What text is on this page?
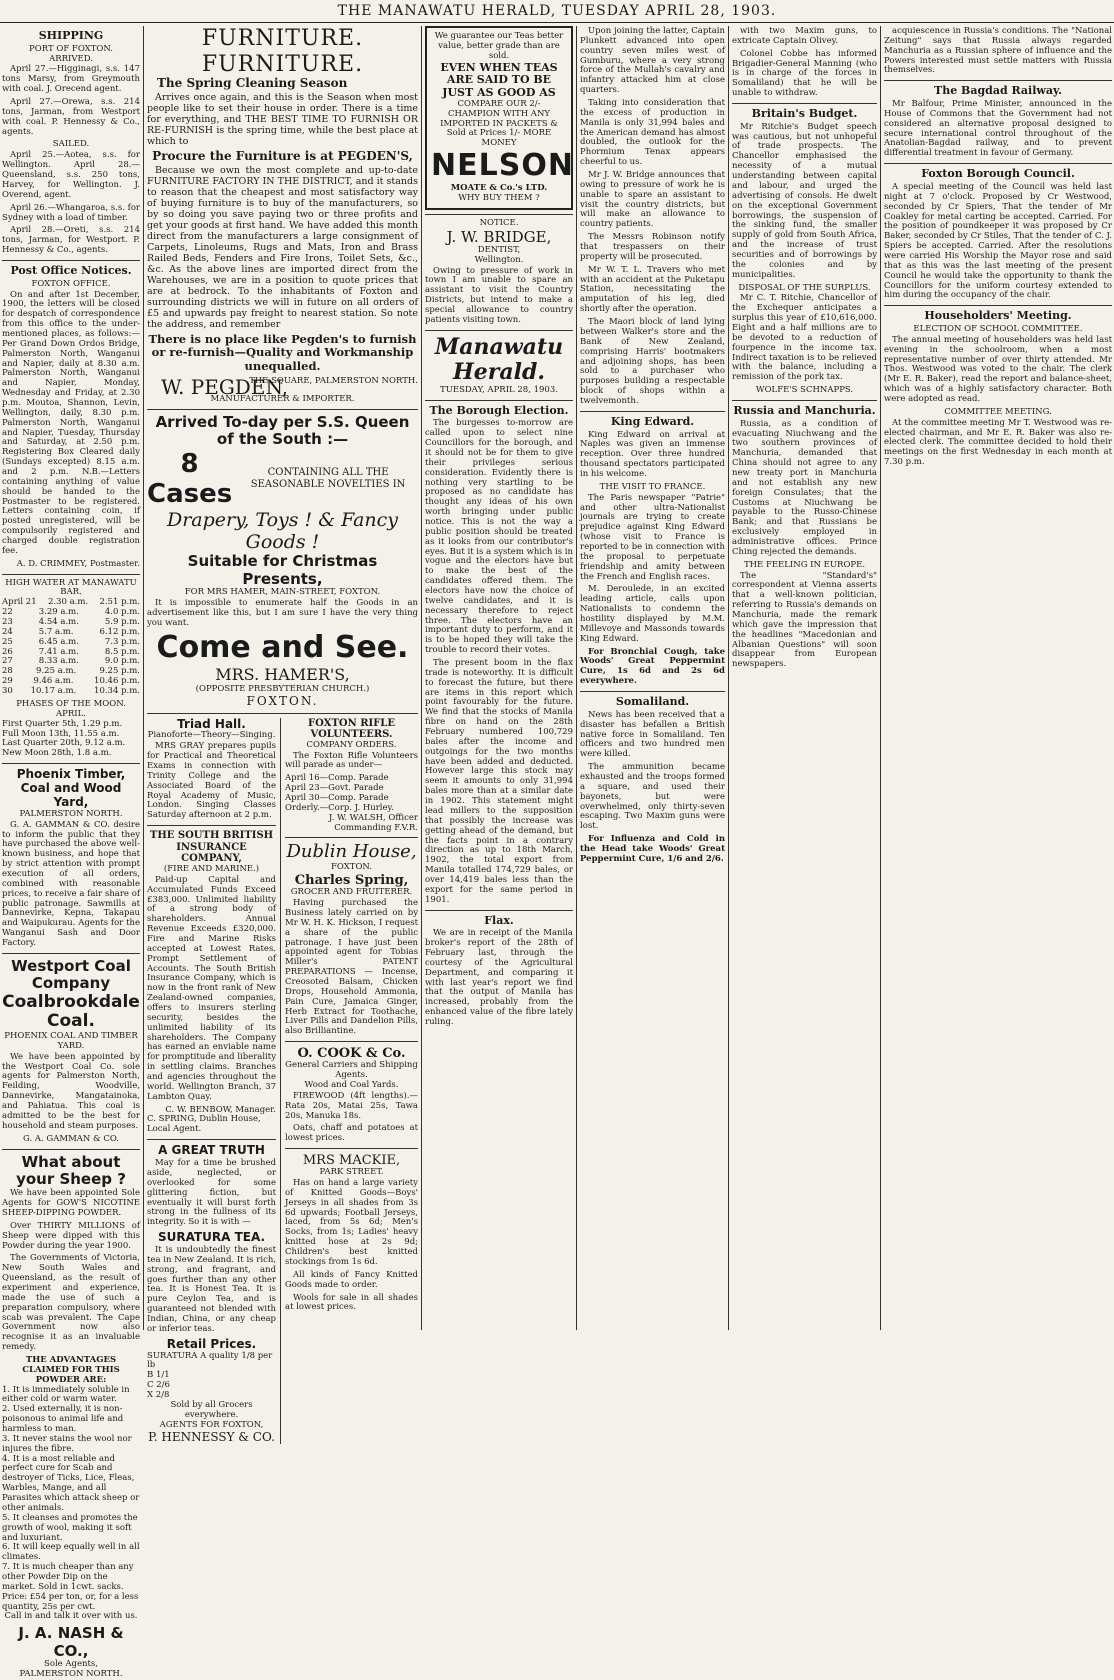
THE MANAWATU HERALD, TUESDAY APRIL 28, 1903.
SHIPPING
PORT OF FOXTON.
ARRIVED.

April 27.—Higginagi, s.s. 147 tons Marsy, from Greymouth with coal. J. Orecend agent.

April 27.—Orewa, s.s. 214 tons, Jarman, from Westport with coal. P. Hennessy & Co., agents.

SAILED.

April 25.—Aotea, s.s. for Wellington. April 28.—Queensland, s.s. 250 tons, Harvey, for Wellington. J. Overend, agent.

April 26.—Whangaroa, s.s. for Sydney with a load of timber.

April 28.—Oreti, s.s. 214 tons, Jarman, for Westport. P. Hennessy & Co., agents.

Post Office Notices.
FOXTON OFFICE.

On and after 1st December, 1900, the letters will be closed for despatch of correspondence from this office to the under-mentioned places, as follows:— Per Grand Down Ordos Bridge, Palmerston North, Wanganui and Napier, daily at 8.30 a.m. Palmerston North, Wanganui and Napier, Monday, Wednesday and Friday, at 2.30 p.m. Moutoa, Shannon, Levin, Wellington, daily, 8.30 p.m. Palmerston North, Wanganui and Napier, Tuesday, Thursday and Saturday, at 2.50 p.m. Registering Box Cleared daily (Sundays excepted) 8.15 a.m. and 2 p.m. N.B.—Letters containing anything of value should be handed to the Postmaster to be registered. Letters containing coin, if posted unregistered, will be compulsorily registered and charged double registration fee.

A. D. CRIMMEY, Postmaster.
HIGH WATER AT MANAWATU BAR.
April 21 2.30 a.m. 2.51 p.m.
22	3.29 a.m.	4.0 p.m.
23	4.54 a.m.	5.9 p.m.
24	5.7 a.m.	6.12 p.m.
25	6.45 a.m.	7.3 p.m.
26	7.41 a.m.	8.5 p.m.
27	8.33 a.m.	9.0 p.m.
28	9.25 a.m.	9.25 p.m.
29 9.46 a.m. 10.46 p.m.
30 10.17 a.m. 10.34 p.m.
PHASES OF THE MOON.
APRIL.
First Quarter 5th, 1.29 p.m.
Full Moon 13th, 11.55 a.m.
Last Quarter 20th, 9.12 a.m.
New Moon 28th, 1.8 a.m.
Phoenix Timber, Coal and Wood Yard,
PALMERSTON NORTH.

G. A. GAMMAN & CO. desire to inform the public that they have purchased the above well-known business, and hope that by strict attention with prompt execution of all orders, combined with reasonable prices, to receive a fair share of public patronage. Sawmills at Dannevirke, Kepna, Takapau and Waipukurau. Agents for the Wanganui Sash and Door Factory.

Westport Coal Company
Coalbrookdale Coal.
PHOENIX COAL AND TIMBER YARD.

We have been appointed by the Westport Coal Co. sole agents for Palmerston North, Feilding, Woodville, Dannevirke, Mangatainoka, and Pahiatua. This coal is admitted to be the best for household and steam purposes.

G. A. GAMMAN & CO.
What about your Sheep ?

We have been appointed Sole Agents for GOW'S NICOTINE SHEEP-DIPPING POWDER.

Over THIRTY MILLIONS of Sheep were dipped with this Powder during the year 1900.

The Governments of Victoria, New South Wales and Queensland, as the result of experiment and experience, made the use of such a preparation compulsory, where scab was prevalent. The Cape Government now also recognise it as an invaluable remedy.

THE ADVANTAGES CLAIMED FOR THIS POWDER ARE:
1. It is immediately soluble in either cold or warm water.
2. Used externally, it is non-poisonous to animal life and harmless to man.
3. It never stains the wool nor injures the fibre.
4. It is a most reliable and perfect cure for Scab and destroyer of Ticks, Lice, Fleas, Warbles, Mange, and all Parasites which attack sheep or other animals.
5. It cleanses and promotes the growth of wool, making it soft and luxuriant.
6. It will keep equally well in all climates.
7. It is much cheaper than any other Powder Dip on the market. Sold in 1cwt. sacks. Price: £54 per ton, or, for a less quantity, 25s per cwt.
Call in and talk it over with us.
J. A. NASH & CO.,
Sole Agents,
PALMERSTON NORTH.
FURNITURE. FURNITURE.
The Spring Cleaning Season

Arrives once again, and this is the Season when most people like to set their house in order. There is a time for everything, and THE BEST TIME TO FURNISH OR RE-FURNISH is the spring time, while the best place at which to

Procure the Furniture is at PEGDEN'S,

Because we own the most complete and up-to-date FURNITURE FACTORY IN THE DISTRICT, and it stands to reason that the cheapest and most satisfactory way of buying furniture is to buy of the manufacturers, so by so doing you save paying two or three profits and get your goods at first hand. We have added this month direct from the manufacturers a large consignment of Carpets, Linoleums, Rugs and Mats, Iron and Brass Railed Beds, Fenders and Fire Irons, Toilet Sets, &c., &c. As the above lines are imported direct from the Warehouses, we are in a position to quote prices that are at bedrock. To the inhabitants of Foxton and surrounding districts we will in future on all orders of £5 and upwards pay freight to nearest station. So note the address, and remember

There is no place like Pegden's to furnish or re-furnish—Quality and Workmanship unequalled.
W. PEGDEN,
THE SQUARE, PALMERSTON NORTH.
MANUFACTURER & IMPORTER.
Arrived To-day per S.S. Queen of the South :—
8 Cases
CONTAINING ALL THE SEASONABLE NOVELTIES IN
Drapery, Toys ! & Fancy Goods !
Suitable for Christmas Presents,
FOR MRS HAMER, MAIN-STREET, FOXTON.

It is impossible to enumerate half the Goods in an advertisement like this, but I am sure I have the very thing you want.

Come and See.
MRS. HAMER'S,
(OPPOSITE PRESBYTERIAN CHURCH.)
FOXTON.
Triad Hall.
Pianoforte—Theory—Singing.

MRS GRAY prepares pupils for Practical and Theoretical Exams in connection with Trinity College and the Associated Board of the Royal Academy of Music, London. Singing Classes Saturday afternoon at 2 p.m.

THE SOUTH BRITISH INSURANCE COMPANY,
(FIRE AND MARINE.)

Paid-up Capital and Accumulated Funds Exceed £383,000. Unlimited liability of a strong body of shareholders. Annual Revenue Exceeds £320,000. Fire and Marine Risks accepted at Lowest Rates. Prompt Settlement of Accounts. The South British Insurance Company, which is now in the front rank of New Zealand-owned companies, offers to insurers sterling security, besides the unlimited liability of its shareholders. The Company has earned an enviable name for promptitude and liberality in settling claims. Branches and agencies throughout the world. Wellington Branch, 37 Lambton Quay.

C. W. BENBOW, Manager.
C. SPRING, Dublin House, Local Agent.
A GREAT TRUTH

May for a time be brushed aside, neglected, or overlooked for some glittering fiction, but eventually it will burst forth strong in the fullness of its integrity. So it is with —

SURATURA TEA.

It is undoubtedly the finest tea in New Zealand. It is rich, strong, and fragrant, and goes further than any other tea. It is Honest Tea. It is pure Ceylon Tea, and is guaranteed not blended with Indian, China, or any cheap or inferior teas.

Retail Prices.
SURATURA A quality 1/8 per lb
B 1/1
C 2/6
X 2/8
Sold by all Grocers everywhere.
AGENTS FOR FOXTON,
P. HENNESSY & CO.
FOXTON RIFLE VOLUNTEERS.
COMPANY ORDERS.

The Foxton Rifle Volunteers will parade as under—

April 16—Comp. Parade
April 23—Govt. Parade
April 30—Comp. Parade
Orderly.—Corp. J. Hurley.
J. W. WALSH, Officer Commanding F.V.R.
Dublin House,
FOXTON.
Charles Spring,
GROCER AND FRUITERER.

Having purchased the Business lately carried on by Mr W. H. K. Hickson, I request a share of the public patronage. I have just been appointed agent for Tobias Miller's PATENT PREPARATIONS — Incense, Creosoted Balsam, Chicken Drops, Household Ammonia, Pain Cure, Jamaica Ginger, Herb Extract for Toothache, Liver Pills and Dandelion Pills, also Brilliantine.

O. COOK & Co.
General Carriers and Shipping Agents.
Wood and Coal Yards.

FIREWOOD (4ft lengths).—Rata 20s, Matai 25s, Tawa 20s, Manuka 18s.

Oats, chaff and potatoes at lowest prices.

MRS MACKIE,
PARK STREET.

Has on hand a large variety of Knitted Goods—Boys' Jerseys in all shades from 3s 6d upwards; Football Jerseys, laced, from 5s 6d; Men's Socks, from 1s; Ladies' heavy knitted hose at 2s 9d; Children's best knitted stockings from 1s 6d.

All kinds of Fancy Knitted Goods made to order.

Wools for sale in all shades at lowest prices.

We guarantee our Teas better value, better grade than are sold.
EVEN WHEN TEAS ARE SAID TO BE JUST AS GOOD AS
COMPARE OUR 2/- CHAMPION WITH ANY IMPORTED IN PACKETS & Sold at Prices 1/- MORE MONEY
NELSON
MOATE & Co.'s LTD.
WHY BUY THEM ?
NOTICE.
J. W. BRIDGE,
DENTIST,
Wellington.

Owing to pressure of work in town I am unable to spare an assistant to visit the Country Districts, but intend to make a special allowance to country patients visiting town.

Manawatu Herald.
TUESDAY, APRIL 28, 1903.
The Borough Election.

The burgesses to-morrow are called upon to select nine Councillors for the borough, and it should not be for them to give their privileges serious consideration. Evidently there is nothing very startling to be proposed as no candidate has thought any ideas of his own worth bringing under public notice. This is not the way a public position should be treated as it looks from our contributor's eyes. But it is a system which is in vogue and the electors have but to make the best of the candidates offered them. The electors have now the choice of twelve candidates, and it is necessary therefore to reject three. The electors have an important duty to perform, and it is to be hoped they will take the trouble to record their votes.

The present boom in the flax trade is noteworthy. It is difficult to forecast the future, but there are items in this report which point favourably for the future. We find that the stocks of Manila fibre on hand on the 28th February numbered 100,729 bales after the income and outgoings for the two months have been added and deducted. However large this stock may seem it amounts to only 31,994 bales more than at a similar date in 1902. This statement might lead millers to the supposition that possibly the increase was getting ahead of the demand, but the facts point in a contrary direction as up to 18th March, 1902, the total export from Manila totalled 174,729 bales, or over 14,419 bales less than the export for the same period in 1901.

Flax.

We are in receipt of the Manila broker's report of the 28th of February last, through the courtesy of the Agricultural Department, and comparing it with last year's report we find that the output of Manila has increased, probably from the enhanced value of the fibre lately ruling.

Upon joining the latter, Captain Plunkett advanced into open country seven miles west of Gumburu, where a very strong force of the Mullah's cavalry and infantry attacked him at close quarters.

Taking into consideration that the excess of production in Manila is only 31,994 bales and the American demand has almost doubled, the outlook for the Phormium Tenax appears cheerful to us.

Mr J. W. Bridge announces that owing to pressure of work he is unable to spare an assistant to visit the country districts, but will make an allowance to country patients.

The Messrs Robinson notify that trespassers on their property will be prosecuted.

Mr W. T. L. Travers who met with an accident at the Puketapu Station, necessitating the amputation of his leg, died shortly after the operation.

The Maori block of land lying between Walker's store and the Bank of New Zealand, comprising Harris' bootmakers and adjoining shops, has been sold to a purchaser who purposes building a respectable block of shops within a twelvemonth.

King Edward.

King Edward on arrival at Naples was given an immense reception. Over three hundred thousand spectators participated in his welcome.

THE VISIT TO FRANCE.

The Paris newspaper "Patrie" and other ultra-Nationalist journals are trying to create prejudice against King Edward (whose visit to France is reported to be in connection with the proposal to perpetuate friendship and amity between the French and English races.

M. Deroulede, in an excited leading article, calls upon Nationalists to condemn the hostility displayed by M.M. Millevoye and Massonds towards King Edward.

For Bronchial Cough, take Woods' Great Peppermint Cure, 1s 6d and 2s 6d everywhere.

Somaliland.

News has been received that a disaster has befallen a British native force in Somaliland. Ten officers and two hundred men were killed.

The ammunition became exhausted and the troops formed a square, and used their bayonets, but were overwhelmed, only thirty-seven escaping. Two Maxim guns were lost.

For Influenza and Cold in the Head take Woods' Great Peppermint Cure, 1/6 and 2/6.

with two Maxim guns, to extricate Captain Olivey.

Colonel Cobbe has informed Brigadier-General Manning (who is in charge of the forces in Somaliland) that he will be unable to withdraw.

Britain's Budget.

Mr Ritchie's Budget speech was cautious, but not unhopeful of trade prospects. The Chancellor emphasised the necessity of a mutual understanding between capital and labour, and urged the advertising of consols. He dwelt on the exceptional Government borrowings, the suspension of the sinking fund, the smaller supply of gold from South Africa, and the increase of trust securities and of borrowings by the colonies and by municipalities.

DISPOSAL OF THE SURPLUS.

Mr C. T. Ritchie, Chancellor of the Exchequer anticipates a surplus this year of £10,616,000. Eight and a half millions are to be devoted to a reduction of fourpence in the income tax. Indirect taxation is to be relieved with the balance, including a remission of the pork tax.

WOLFE'S SCHNAPPS.
Russia and Manchuria.

Russia, as a condition of evacuating Niuchwang and the two southern provinces of Manchuria, demanded that China should not agree to any new treaty port in Manchuria and not establish any new foreign Consulates; that the Customs at Niuchwang be payable to the Russo-Chinese Bank; and that Russians be exclusively employed in administrative offices. Prince Ching rejected the demands.

THE FEELING IN EUROPE.

The "Standard's" correspondent at Vienna asserts that a well-known politician, referring to Russia's demands on Manchuria, made the remark which gave the impression that the headlines "Macedonian and Albanian Questions" will soon disappear from European newspapers.

acquiescence in Russia's conditions. The "National Zeitung" says that Russia always regarded Manchuria as a Russian sphere of influence and the Powers interested must settle matters with Russia themselves.

The Bagdad Railway.

Mr Balfour, Prime Minister, announced in the House of Commons that the Government had not considered an alternative proposal designed to secure international control throughout of the Anatolian-Bagdad railway, and to prevent differential treatment in favour of Germany.

Foxton Borough Council.

A special meeting of the Council was held last night at 7 o'clock. Proposed by Cr Westwood, seconded by Cr Spiers, That the tender of Mr Coakley for metal carting be accepted. Carried. For the position of poundkeeper it was proposed by Cr Baker, seconded by Cr Stiles, That the tender of C. J. Spiers be accepted. Carried. After the resolutions were carried His Worship the Mayor rose and said that as this was the last meeting of the present Council he would take the opportunity to thank the Councillors for the uniform courtesy extended to him during the occupancy of the chair.

Householders' Meeting.
ELECTION OF SCHOOL COMMITTEE.

The annual meeting of householders was held last evening in the schoolroom, when a most representative number of over thirty attended. Mr Thos. Westwood was voted to the chair. The clerk (Mr E. R. Baker), read the report and balance-sheet, which was of a highly satisfactory character. Both were adopted as read.

COMMITTEE MEETING.

At the committee meeting Mr T. Westwood was re-elected chairman, and Mr E. R. Baker was also re-elected clerk. The committee decided to hold their meetings on the first Wednesday in each month at 7.30 p.m.
